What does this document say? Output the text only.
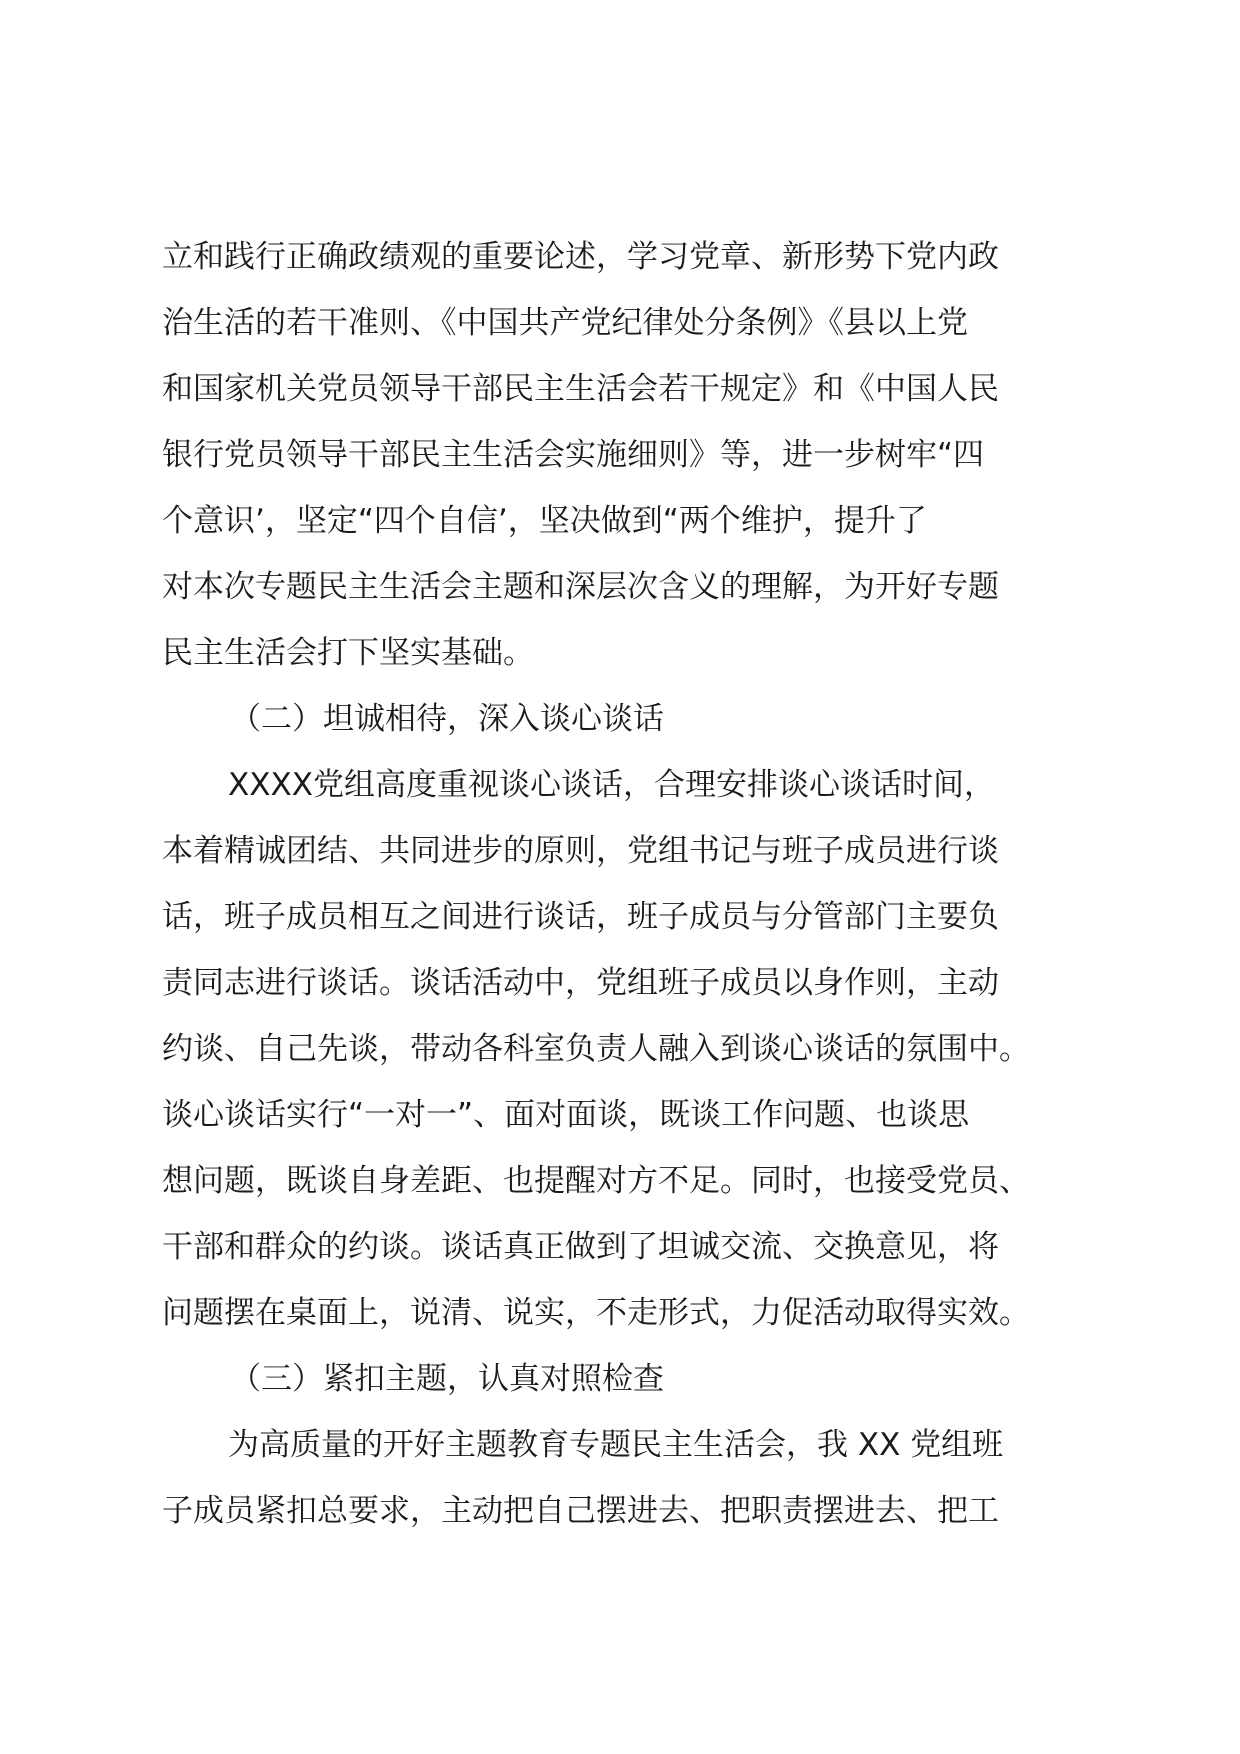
立和践行正确政绩观的重要论述，学习党章、新形势下党内政
治生活的若干准则、《中国共产党纪律处分条例》《县以上党
和国家机关党员领导干部民主生活会若干规定》和《中国人民
银行党员领导干部民主生活会实施细则》等，进一步树牢“四
个意识’，坚定“四个自信’，坚决做到“两个维护，提升了
对本次专题民主生活会主题和深层次含义的理解，为开好专题
民主生活会打下坚实基础。
（二）坦诚相待，深入谈心谈话
XXXX党组高度重视谈心谈话，合理安排谈心谈话时间，
本着精诚团结、共同进步的原则，党组书记与班子成员进行谈
话，班子成员相互之间进行谈话，班子成员与分管部门主要负
责同志进行谈话。谈话活动中，党组班子成员以身作则，主动
约谈、自己先谈，带动各科室负责人融入到谈心谈话的氛围中。
谈心谈话实行“一对一”、面对面谈，既谈工作问题、也谈思
想问题，既谈自身差距、也提醒对方不足。同时，也接受党员、
干部和群众的约谈。谈话真正做到了坦诚交流、交换意见，将
问题摆在桌面上，说清、说实，不走形式，力促活动取得实效。
（三）紧扣主题，认真对照检查
为高质量的开好主题教育专题民主生活会，我 XX 党组班
子成员紧扣总要求，主动把自己摆进去、把职责摆进去、把工
